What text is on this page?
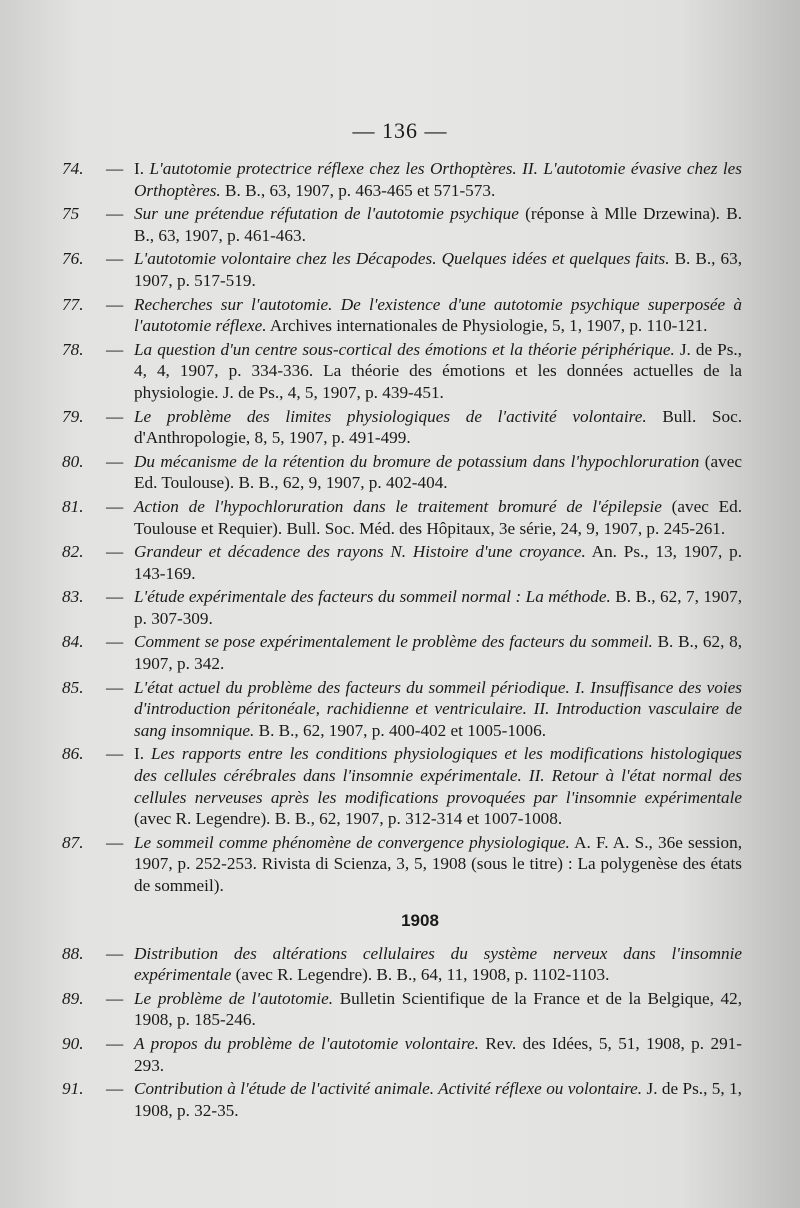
— 136 —
74.	— I. L'autotomie protectrice réflexe chez les Orthoptères. II. L'autotomie évasive chez les Orthoptères. B. B., 63, 1907, p. 463-465 et 571-573.
75	— Sur une prétendue réfutation de l'autotomie psychique (réponse à Mlle Drzewina). B. B., 63, 1907, p. 461-463.
76.	— L'autotomie volontaire chez les Décapodes. Quelques idées et quelques faits. B. B., 63, 1907, p. 517-519.
77.	— Recherches sur l'autotomie. De l'existence d'une autotomie psychique superposée à l'autotomie réflexe. Archives internationales de Physiologie, 5, 1, 1907, p. 110-121.
78.	— La question d'un centre sous-cortical des émotions et la théorie périphérique. J. de Ps., 4, 4, 1907, p. 334-336. La théorie des émotions et les données actuelles de la physiologie. J. de Ps., 4, 5, 1907, p. 439-451.
79.	— Le problème des limites physiologiques de l'activité volontaire. Bull. Soc. d'Anthropologie, 8, 5, 1907, p. 491-499.
80.	— Du mécanisme de la rétention du bromure de potassium dans l'hypochloruration (avec Ed. Toulouse). B. B., 62, 9, 1907, p. 402-404.
81.	— Action de l'hypochloruration dans le traitement bromuré de l'épilepsie (avec Ed. Toulouse et Requier). Bull. Soc. Méd. des Hôpitaux, 3e série, 24, 9, 1907, p. 245-261.
82.	— Grandeur et décadence des rayons N. Histoire d'une croyance. An. Ps., 13, 1907, p. 143-169.
83.	— L'étude expérimentale des facteurs du sommeil normal : La méthode. B. B., 62, 7, 1907, p. 307-309.
84.	— Comment se pose expérimentalement le problème des facteurs du sommeil. B. B., 62, 8, 1907, p. 342.
85.	— L'état actuel du problème des facteurs du sommeil périodique. I. Insuffisance des voies d'introduction péritonéale, rachidienne et ventriculaire. II. Introduction vasculaire de sang insomnique. B. B., 62, 1907, p. 400-402 et 1005-1006.
86.	— I. Les rapports entre les conditions physiologiques et les modifications histologiques des cellules cérébrales dans l'insomnie expérimentale. II. Retour à l'état normal des cellules nerveuses après les modifications provoquées par l'insomnie expérimentale (avec R. Legendre). B. B., 62, 1907, p. 312-314 et 1007-1008.
87.	— Le sommeil comme phénomène de convergence physiologique. A. F. A. S., 36e session, 1907, p. 252-253. Rivista di Scienza, 3, 5, 1908 (sous le titre) : La polygenèse des états de sommeil).
1908
88.	— Distribution des altérations cellulaires du système nerveux dans l'insomnie expérimentale (avec R. Legendre). B. B., 64, 11, 1908, p. 1102-1103.
89.	— Le problème de l'autotomie. Bulletin Scientifique de la France et de la Belgique, 42, 1908, p. 185-246.
90.	— A propos du problème de l'autotomie volontaire. Rev. des Idées, 5, 51, 1908, p. 291-293.
91.	— Contribution à l'étude de l'activité animale. Activité réflexe ou volontaire. J. de Ps., 5, 1, 1908, p. 32-35.
